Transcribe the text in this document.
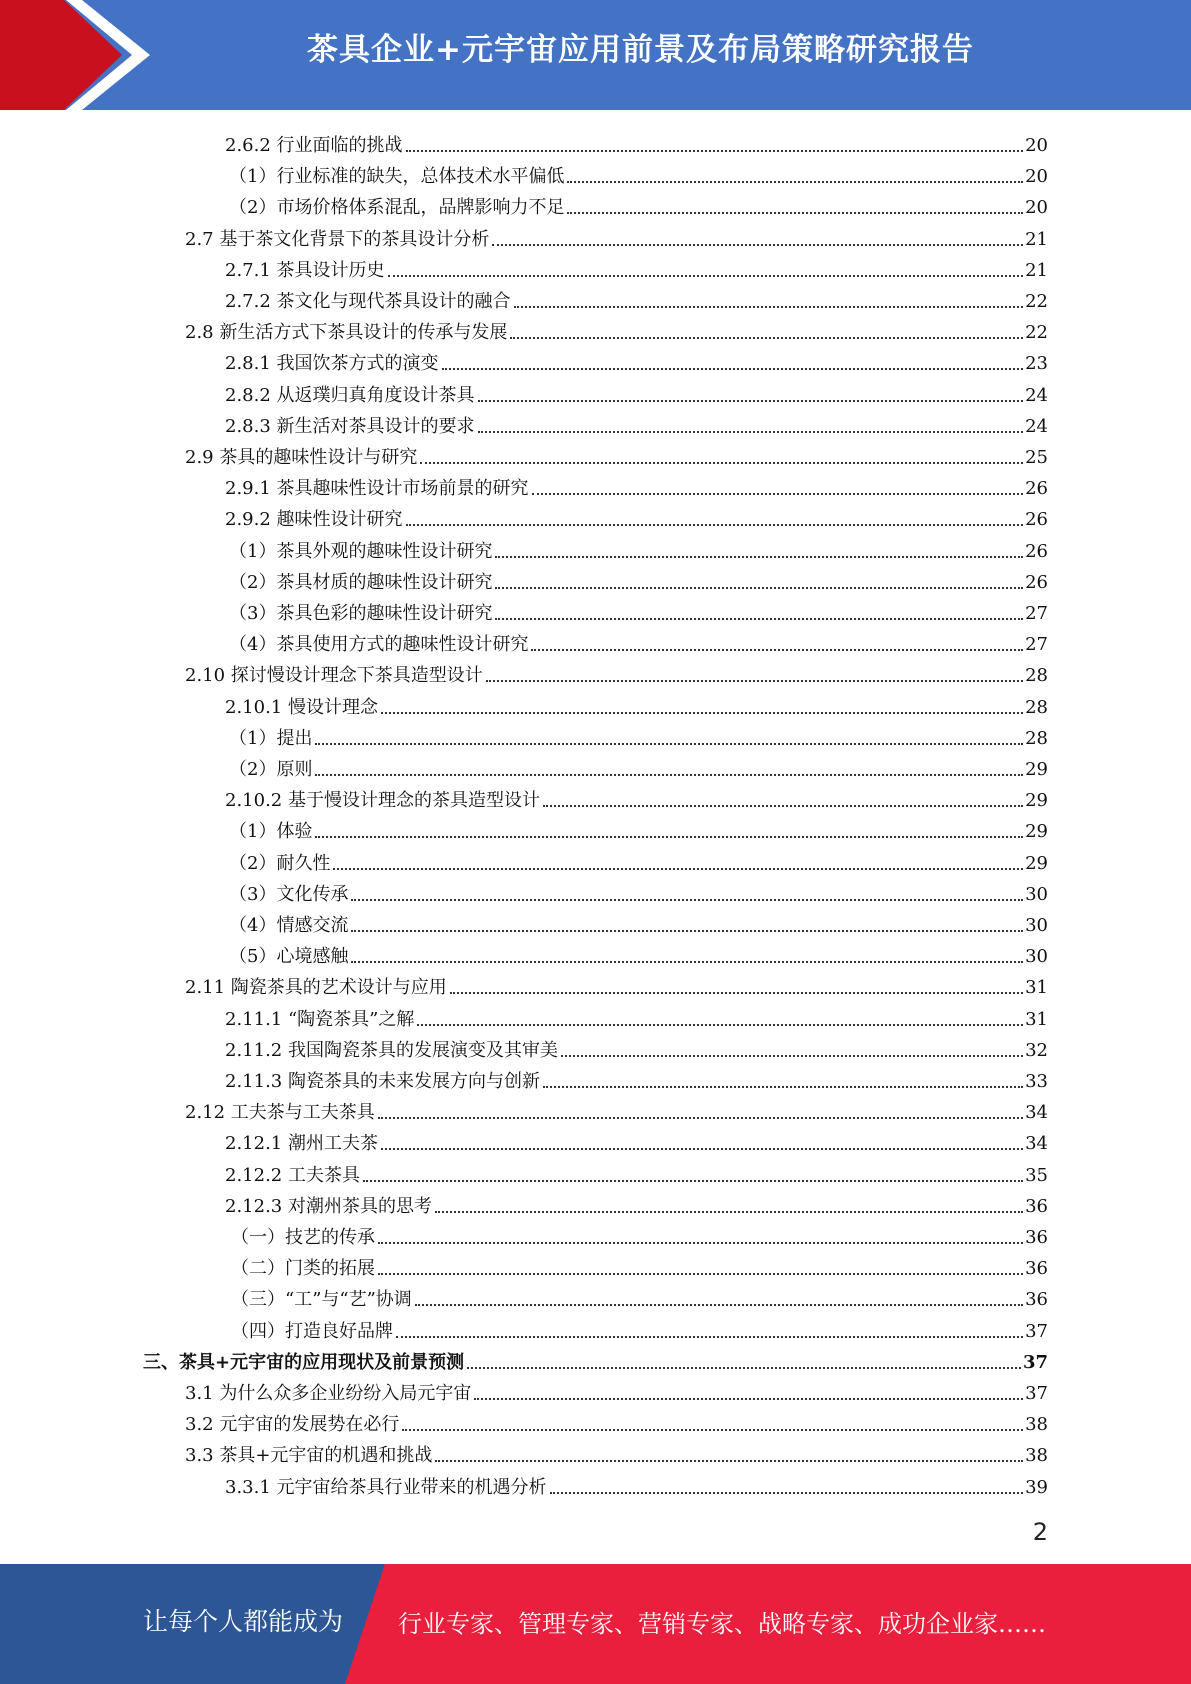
茶具企业+元宇宙应用前景及布局策略研究报告
2.6.2 行业面临的挑战	20
（1）行业标准的缺失，总体技术水平偏低	20
（2）市场价格体系混乱，品牌影响力不足	20
2.7 基于茶文化背景下的茶具设计分析	21
2.7.1 茶具设计历史	21
2.7.2 茶文化与现代茶具设计的融合	22
2.8 新生活方式下茶具设计的传承与发展	22
2.8.1 我国饮茶方式的演变	23
2.8.2 从返璞归真角度设计茶具	24
2.8.3 新生活对茶具设计的要求	24
2.9 茶具的趣味性设计与研究	25
2.9.1 茶具趣味性设计市场前景的研究	26
2.9.2 趣味性设计研究	26
（1）茶具外观的趣味性设计研究	26
（2）茶具材质的趣味性设计研究	26
（3）茶具色彩的趣味性设计研究	27
（4）茶具使用方式的趣味性设计研究	27
2.10 探讨慢设计理念下茶具造型设计	28
2.10.1 慢设计理念	28
（1）提出	28
（2）原则	29
2.10.2 基于慢设计理念的茶具造型设计	29
（1）体验	29
（2）耐久性	29
（3）文化传承	30
（4）情感交流	30
（5）心境感触	30
2.11 陶瓷茶具的艺术设计与应用	31
2.11.1 “陶瓷茶具”之解	31
2.11.2 我国陶瓷茶具的发展演变及其审美	32
2.11.3 陶瓷茶具的未来发展方向与创新	33
2.12 工夫茶与工夫茶具	34
2.12.1 潮州工夫茶	34
2.12.2 工夫茶具	35
2.12.3 对潮州茶具的思考	36
（一）技艺的传承	36
（二）门类的拓展	36
（三）“工”与“艺”协调	36
（四）打造良好品牌	37
三、茶具+元宇宙的应用现状及前景预测	37
3.1 为什么众多企业纷纷入局元宇宙	37
3.2 元宇宙的发展势在必行	38
3.3 茶具+元宇宙的机遇和挑战	38
3.3.1 元宇宙给茶具行业带来的机遇分析	39
2
让每个人都能成为 行业专家、管理专家、营销专家、战略专家、成功企业家……
